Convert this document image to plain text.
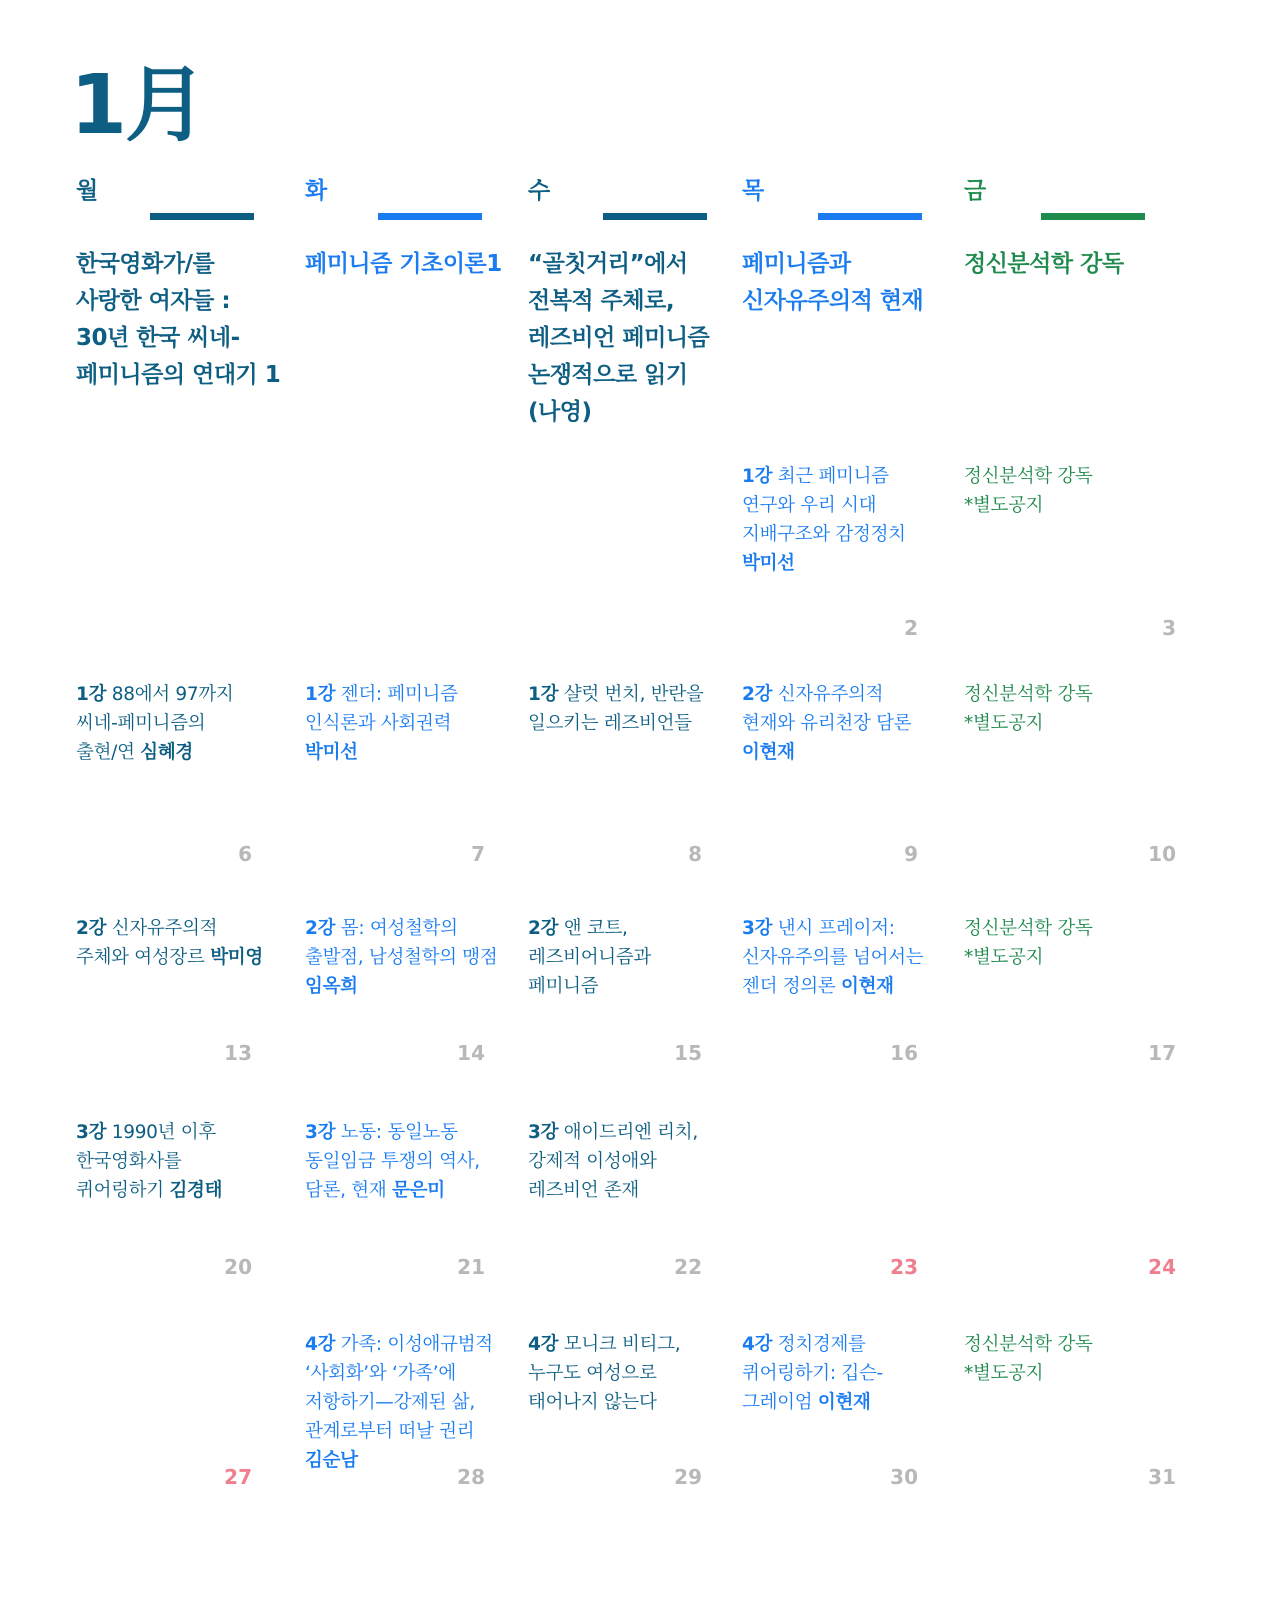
1月
월
한국영화가/를
사랑한 여자들 :
30년 한국 씨네-
페미니즘의 연대기 1
화
페미니즘 기초이론1
수
“골칫거리”에서
전복적 주체로,
레즈비언 페미니즘
논쟁적으로 읽기
(나영)
목
페미니즘과
신자유주의적 현재
금
정신분석학 강독
1강 최근 페미니즘
연구와 우리 시대
지배구조와 감정정치
박미선
2
정신분석학 강독
*별도공지
3
1강 88에서 97까지
씨네-페미니즘의
출현/연 심혜경
6
1강 젠더: 페미니즘
인식론과 사회권력
박미선
7
1강 샬럿 번치, 반란을
일으키는 레즈비언들
8
2강 신자유주의적
현재와 유리천장 담론
이현재
9
정신분석학 강독
*별도공지
10
2강 신자유주의적
주체와 여성장르 박미영
13
2강 몸: 여성철학의
출발점, 남성철학의 맹점
임옥희
14
2강 앤 코트,
레즈비어니즘과
페미니즘
15
3강 낸시 프레이저:
신자유주의를 넘어서는
젠더 정의론 이현재
16
정신분석학 강독
*별도공지
17
3강 1990년 이후
한국영화사를
퀴어링하기 김경태
20
3강 노동: 동일노동
동일임금 투쟁의 역사,
담론, 현재 문은미
21
3강 애이드리엔 리치,
강제적 이성애와
레즈비언 존재
22	23	24
27
4강 가족: 이성애규범적
‘사회화’와 ‘가족’에
저항하기—강제된 삶,
관계로부터 떠날 권리
김순남
28
4강 모니크 비티그,
누구도 여성으로
태어나지 않는다
29
4강 정치경제를
퀴어링하기: 깁슨-
그레이엄 이현재
30
정신분석학 강독
*별도공지
31
